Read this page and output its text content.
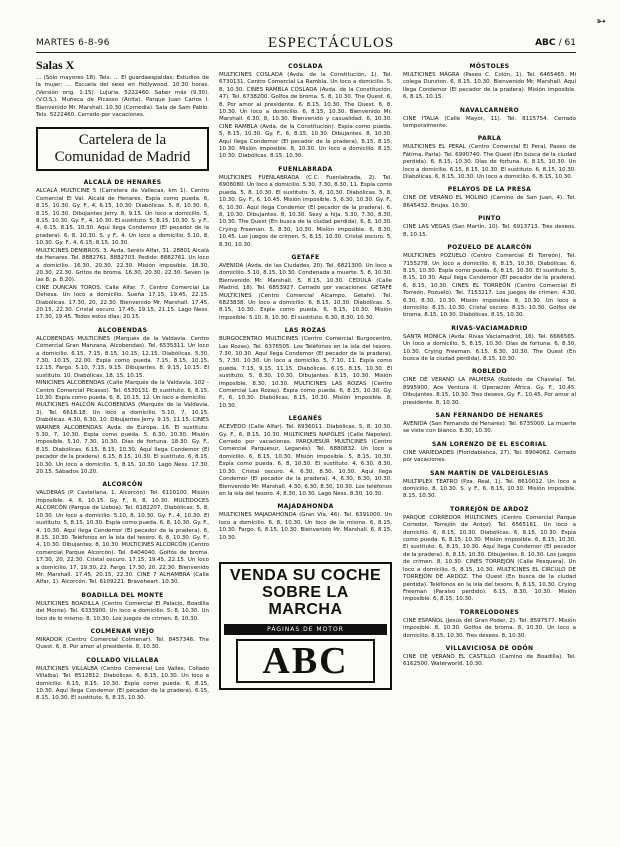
➳
MARTES 6-8-96	ESPECTÁCULOS	ABC / 61
Salas X

... (Sólo mayores 18). Tels. ... El guardaespaldas; Estudios de la mujer; ... Escuela del sexo en Hollywood. 10.30 horas. (Versión orig. 1.15). Lujuria. 5222460. Saber más (9.30). (V.O.S.). Muñeca de Picasso (Anita). Parque Juan Carlos I. Bienvenido Mr. Marshall. 10.30 (Comedia). Sala de Sam Pablo. Tels. 5222460. Cerrado por vacaciones.

Cartelera de la
Comunidad de Madrid
ALCALÁ DE HENARES

ALCALÁ MULTICINE 5 (Carretera de Vallecas, km 1). Centro Comercial El Val. Alcalá de Henares. Espía como pueda. 6, 8.15, 10.30. Gy. F., 4, 6.15, 10.30. Diabólicas. 5, 8, 10.30. 6, 8.15, 10.30. Dibujantes Jerry. 8, 9.15. Un loco a domicilio. 5, 8.15, 10.30. Gy. F., 4, 10.30. El sustituto. 5, 8.15, 10.30. S. y F., 4, 6.15, 8.15, 10.30. Aquí llega Condemor (El pecador de la pradera). 6, 8, 10.30. S. y F., 4. Un loco a domicilio. 5.10, 8, 10.30. Gy. F., 4, 6.15, 8.15, 10.30.

MULTICINES DENIBROS. 3. Avda. Seréis Alfar, 31. 28801 Alcalá de Henares. Tel. 8882761. 8882703. Pedido: 8882761. Un loco a domicilio. 16.30, 20.30, 22.30. Misión imposible. 18.30, 20.30, 22.30. Gritos de broma. 16.30, 20.30, 22.30. Seven (a las 8, p. 8.20).

CINE DUNCAN TOROS. Calle Alfar. 7. Centro Comercial La Dehesa. Un loco a domicilio. Sueña 17.15, 19.45, 22.15. Diabólicas. 17.30, 20, 22.30. Bienvenido Mr. Marshall. 17.45, 20.15, 22.30. Cristal oscuro. 17.45, 19.15, 21.15. Lago Ness. 17.30, 19.45. Todos estos días: 20.15.

ALCOBENDAS

ALCOBENDAS MULTICINES (Marqués de la Valdavia. Centro Comercial Gran Manzana, Alcobendas). Tel. 6535311. Un loco a domicilio. 6.15, 7.15, 8.15, 10.15, 12.15. Diabólicas. 5.30, 7.30, 10.15, 22.00. Espía como pueda. 7.15, 8.15, 10.15, 12.15. Fargo. 5.10, 7.15, 9.15. Dibujantes. 8, 9.15, 10.15. El sustituto. 10. Diabólicas. 18, 15, 10.15.

MINICINES ALCOBENDAS (Calle Marqués de la Valdavia, 102 - Centro Comercial Picasso). Tel. 6530131. El sustituto. 6, 8.15, 10.30. Espía como pueda. 6, 8, 10.15, 12. Un loco a domicilio.

MULTICINES HALCÓN ALCOBENDAS (Marqués de la Valdavia, 3). Tel. 6618.18. Un loco a domicilio. 5.10, 7, 10.15. Diabólicas. 4.30, 6.30, 10. Dibujantes Jerry. 9.15, 11.15. CINES WARNER ALCOBENDAS. Avda. de Europa, 16. El sustituto. 5.30, 7, 10.30. Espía como pueda. 5, 6.30, 10.30. Misión imposible. 5.10, 7.30, 10.30. Días de fortuna. 18.30. Gy. F., 8.15. Diabólicas. 6.15, 8.15, 10.30. Aquí llega Condemor (El pecador de la pradera). 6.15, 8.15, 10.30. El sustituto. 6, 8.15, 10.30. Un loco a domicilio. 5, 8.15, 10.30. Lago Ness. 17.30, 20.15. Sábados 10.20.

ALCORCÓN

VALDERAS (P. Castellana, 1, Alcorcón). Tel. 6110100. Misión imposible. 4, 6, 10.15. Gy. F., 6, 8, 10.30. MULTIDOCES ALCORCÓN (Parque de Lisboa). Tel. 6182207. Diabólicas. 5, 8, 10.30. Un loco a domicilio. 5.10, 8, 10.30. Gy. F., 4, 10.30. El sustituto. 5, 8.15, 10.30. Espía como pueda. 6, 8, 10.30. Gy. F., 4, 10.30. Aquí llega Condemor (El pecador de la pradera). 6, 8.15, 10.30. Teléfonos en la isla del tesoro. 6, 8, 10.30. Gy. F., 4, 10.30. Dibujantes. 8, 10.30. MULTICINES ALCORCÓN (Centro comercial Parque Alcorcón). Tel. 6404040. Golfos de broma. 17.30, 20, 22.30. Cristal oscuro. 17.15, 19.45, 22.15. Un loco a domicilio. 17, 19.30, 22. Fargo. 17.30, 20, 22.30. Bienvenido Mr. Marshall. 17.45, 20.15, 22.30. CINE 7 ALHAMBRA (Calle Alfar, 1). Alcorcón. Tel. 6109221. Braveheart. 10.30.

BOADILLA DEL MONTE

MULTICINES BOADILLA (Centro Comercial El Palacio, Boadilla del Monte). Tel. 6333900. Un loco a domicilio. 5, 8, 10.30. Un loco de lo mismo. 8, 10.30. Los juegos de crimen. 8, 10.30.

COLMENAR VIEJO

MIRADOR (Centro Comercial Colmenar). Tel. 8457346. The Quest. 6, 8. Por amor al presidente. 8, 10.30.

COLLADO VILLALBA

MULTICINES VILLALBA (Centro Comercial Los Valles, Collado Villalba). Tel. 8512812. Diabólicas. 6, 8.15, 10.30. Un loco a domicilio. 6.15, 8.15, 10.30. Espía como pueda. 6, 8.15, 10.30. Aquí llega Condemor (El pecador de la pradera). 6.15, 8.15, 10.30. El sustituto. 6, 8.15, 10.30.

COSLADA

MULTICINES COSLADA (Avda. de la Constitución, 1). Tel. 6730131. Centro Comercial La Rambla. Un loco a domicilio. 5, 8, 10.30. CINES RAMBLA COSLADA (Avda. de la Constitución, 47). Tel. 6738200. Golfos de broma. 5, 8, 10.30. The Quest. 6, 8. Por amor al presidente. 6, 8.15, 10.30. The Quest. 6, 8, 10.30. Un loco a domicilio. 6, 8.15, 10.30. Bienvenido Mr. Marshall. 6.30, 8, 10.30. Bienvenido y casualidad. 6, 10.30. CINE RAMBLA (Avda. de la Constitución). Espía como pueda. 5, 8.15, 10.30. Gy. F., 6, 8.15, 10.30. Dibujantes. 8, 10.30. Aquí llega Condemor (El pecador de la pradera). 6.15, 8.15, 10.30. Misión imposible. 8, 10.30. Un loco a domicilio. 8.15, 10.30. Diabólicas. 8.15, 10.30.

FUENLABRADA

MULTICINES FUENLABRADA (C.C. Fuenlabrada, 2). Tel. 6908080. Un loco a domicilio. 5.30, 7.30, 8.30, 11. Espía como pueda. 5, 8, 10.30. El sustituto. 5, 8, 10.30. Diabólicas. 5, 8, 10.30. Gy. F., 6, 10.45. Misión imposible. 5, 6.30, 10.30. Gy. F., 6, 10.30. Aquí llega Condemor (El pecador de la pradera). 6, 8, 10.30. Dibujantes. 8, 10.30. Sexy a hija. 5.30, 7.30, 8.30, 10.30. The Quest (En busca de la ciudad perdida). 6, 8, 10.30. Crying Freeman. 5, 8.30, 10.30. Misión imposible. 6, 8.30, 10.45. Los juegos de crimen. 5, 8.15, 10.30. Cristal oscuro. 5, 8.30, 10.30.

GETAFE

AVENIDA (Avda. de las Ciudades, 20). Tel. 6821300. Un loco a domicilio. 5.10, 8.15, 10.30. Condenada a muerte. 5, 8, 10.30. Bienvenido Mr. Marshall. 5, 8.15, 10.30. CEDULA (Calle Madrid, 18). Tel. 6853927. Cerrado por vacaciones. GETAFE MULTICINES (Centro Comercial Alcampo, Getafe). Tel. 6823838. Un loco a domicilio. 6, 8.15, 10.30. Diabólicas. 5, 8.15, 10.30. Espía como pueda. 6, 8.15, 10.30. Misión imposible. 5.10, 8, 10.30. El sustituto. 6.30, 8.30, 10.30.

LAS ROZAS

BURGOCENTRO MULTICINES (Centro Comercial Burgocentro, Las Rozas). Tel. 6376505. Los Teléfonos en la isla del tesoro. 7.30, 10.30. Aquí llega Condemor (El pecador de la pradera). 5, 7.30, 10.30. Un loco a domicilio. 5, 7.10, 11. Espía como pueda. 7.15, 9.15, 11.15. Diabólicas. 6.15, 8.15, 10.30. El sustituto. 5, 8.30, 10.30. Dibujantes. 8.15, 10.30. Misión imposible. 8.30, 10.30. MULTICINES LAS ROZAS (Centro Comercial Las Rozas). Espía como pueda. 6, 8.15, 10.30. Gy. F., 6, 10.30. Diabólicas. 8.15, 10.30. Misión imposible. 8, 10.30.

LEGANÉS

ACEVEDO (Calle Alfar). Tel. 6936011. Diabólicas. 5, 8, 10.30. Gy. F., 6, 8.15, 10.30. MULTICINES NAPOLES (Calle Napoles). Cerrado por vacaciones. PARQUESUR MULTICINES (Centro Comercial Parquesur, Leganés). Tel. 6880832. Un loco a domicilio. 6, 8.15, 10.30. Misión imposible. 5, 8.15, 10.30. Espía como pueda. 6, 8, 10.30. El sustituto. 4, 6.30, 8.30, 10.30. Cristal oscuro. 4, 6.30, 8.30, 10.30. Aquí llega Condemor (El pecador de la pradera). 4, 6.30, 8.30, 10.30. Bienvenido Mr. Marshall. 4.30, 6.30, 8.30, 10.30. Los teléfonos en la isla del tesoro. 4, 8.30, 10.30. Lago Ness. 8.30, 10.30.

MAJADAHONDA

MULTICINES MAJADAHONDA (Gran Vía, 46). Tel. 6391000. Un loco a domicilio. 6, 8, 10.30. Un loco de lo mismo. 6, 8.15, 10.30. Fargo. 6, 8.15, 10.30. Bienvenido Mr. Marshall. 6, 8.15, 10.30.

VENDA SU COCHE
SOBRE LA MARCHA
PÁGINAS DE MOTOR
ABC
MÓSTOLES

MULTICINES MÁGRA (Paseo C. Colón, 1). Tel. 6465465. Mi colega Dunston. 6, 8.15, 10.30. Bienvenido Mr. Marshall. Aquí llega Condemor (El pecador de la pradera). Misión imposible. 6, 8.15, 10.15.

NAVALCARNERO

CINE ITALIA (Calle Mayor, 11). Tel. 8115754. Cerrado temporalmente.

PARLA

MULTICINES EL PERAL (Centro Comercial El Peral, Paseo de Fátima, Parla). Tel. 6990740. The Quest (En busca de la ciudad perdida). 6, 8.15, 10.30. Días de fortuna. 6, 8.15, 10.30. Un loco a domicilio. 6.15, 8.15, 10.30. El sustituto. 6, 8.15, 10.30. Diabólicas. 6, 8.15, 10.30. Un loco a domicilio. 6, 8.15, 10.30.

PELAYOS DE LA PRESA

CINE DE VERANO EL MOLINO (Camino de San Juan, 4). Tel. 8645432. Brujas. 10.30.

PINTO

CINE LAS VEGAS (San Martín, 10). Tel. 6913713. Tres deseos. 8, 10.15.

POZUELO DE ALARCÓN

MULTICINES POZUELO (Centro Comercial El Torreón). Tel. 7155278. Un loco a domicilio. 6, 8.15, 10.30. Diabólicas. 6, 8.15, 10.30. Espía como pueda. 6, 8.15, 10.30. El sustituto. 5, 8.15, 10.30. Aquí llega Condemor (El pecador de la pradera). 6, 8.15, 10.30. CINES EL TORREÓN (Centro Comercial El Torreón, Pozuelo). Tel. 7153217. Los juegos de crimen. 4.30, 6.30, 8.30, 10.30. Misión imposible. 8, 10.30. Un loco a domicilio. 8.15, 10.30. Cristal oscuro. 8.15, 10.30. Golfos de broma. 8.15, 10.30. Diabólicas. 8.15, 10.30.

RIVAS-VACIAMADRID

SANTA MÓNICA (Avda. Rivas Vaciamadrid, 16). Tel. 6666565. Un loco a domicilio. 5, 8.15, 10.30. Días de fortuna. 6, 8.30, 10.30. Crying Freeman. 6.15, 8.30, 10.30. The Quest (En busca de la ciudad perdida). 8.15, 10.30.

ROBLEDO

CINE DE VERANO LA PALMERA (Robledo de Chavela). Tel. 8995900. Ace Ventura II. Operación África. Gy. F., 10.45. Dibujantes. 8.15, 10.30. Tres deseos. Gy. F., 10.45. Por amor al presidente. 8, 10.30.

SAN FERNANDO DE HENARES

AVENIDA (San Fernando de Henares). Tel. 6735000. La muerte se viste con blanco. 8.30, 10.30.

SAN LORENZO DE EL ESCORIAL

CINE VARIEDADES (Floridablanca, 27). Tel. 8904062. Cerrado por vacaciones.

SAN MARTÍN DE VALDEIGLESIAS

MULTIPLEX TEATRO (Pza. Real, 1). Tel. 8610012. Un loco a domicilio. 8, 10.30. S. y F., 6, 8.15, 10.30. Misión imposible. 8.15, 10.30.

TORREJÓN DE ARDOZ

PARQUE CORREDOR MULTICINES (Centro Comercial Parque Corredor, Torrejón de Ardoz). Tel. 6565161. Un loco a domicilio. 6, 8.15, 10.30. Diabólicas. 6, 8.15, 10.30. Espía como pueda. 6, 8.15, 10.30. Misión imposible. 6, 8.15, 10.30. El sustituto. 6, 8.15, 10.30. Aquí llega Condemor (El pecador de la pradera). 6, 8.15, 10.30. Dibujantes. 8, 10.30. Los juegos de crimen. 8, 10.30. CINES TORREJÓN (Calle Pesquera). Un loco a domicilio. 5, 8.15, 10.30. MULTICINES EL CIRCULO DE TORREJÓN DE ARDOZ. The Quest (En busca de la ciudad perdida). Teléfonos en la isla del tesoro. 6, 8.15, 10.30. Crying Freeman (Paraíso perdido). 6.15, 8.30, 10.30. Misión imposible. 6, 8.15, 10.30.

TORRELODONES

CINE ESPAÑOL (Jesús del Gran Poder, 2). Tel. 8597577. Misión imposible. 8, 10.30. Golfos de broma. 8, 10.30. Un loco a domicilio. 8.15, 10.30. Tres deseos. 8, 10.30.

VILLAVICIOSA DE ODÓN

CINE DE VERANO EL CASTILLO (Camino de Boadilla). Tel. 6162500. Waterworld. 10.30.
